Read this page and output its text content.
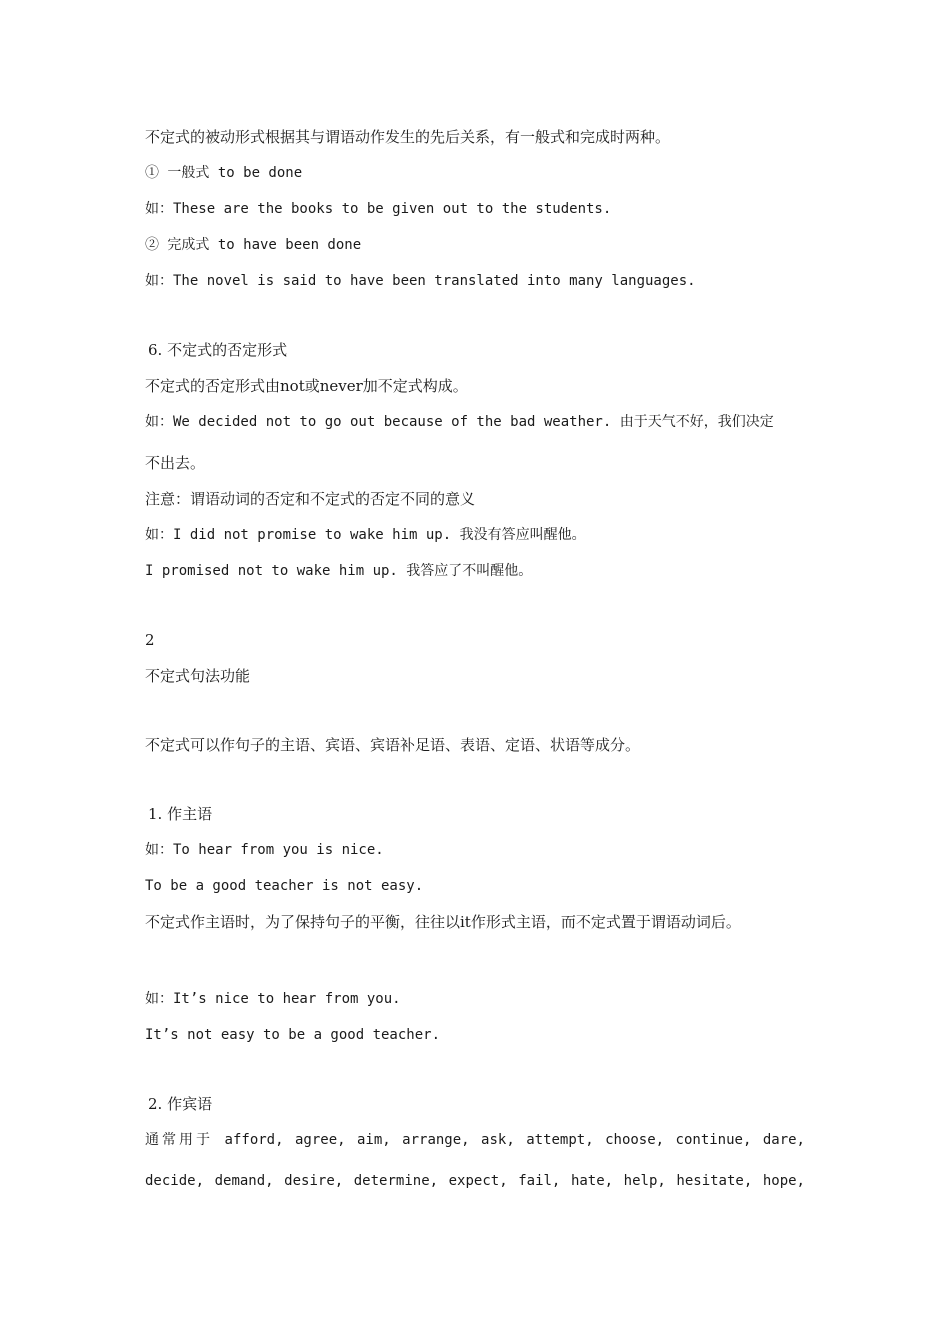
不定式的被动形式根据其与谓语动作发生的先后关系，有一般式和完成时两种。
① 一般式 to be done
如：These are the books to be given out to the students.
② 完成式 to have been done
如：The novel is said to have been translated into many languages.
6. 不定式的否定形式
不定式的否定形式由not或never加不定式构成。
如：We decided not to go out because of the bad weather. 由于天气不好，我们决定
不出去。
注意：谓语动词的否定和不定式的否定不同的意义
如：I did not promise to wake him up. 我没有答应叫醒他。
I promised not to wake him up. 我答应了不叫醒他。
2
不定式句法功能
不定式可以作句子的主语、宾语、宾语补足语、表语、定语、状语等成分。
1. 作主语
如：To hear from you is nice.
To be a good teacher is not easy.
不定式作主语时，为了保持句子的平衡，往往以it作形式主语，而不定式置于谓语动词后。
如：It’s nice to hear from you.
It’s not easy to be a good teacher.
2. 作宾语
通常用于 afford, agree, aim, arrange, ask, attempt, choose, continue, dare,
decide, demand, desire, determine, expect, fail, hate, help, hesitate, hope,
